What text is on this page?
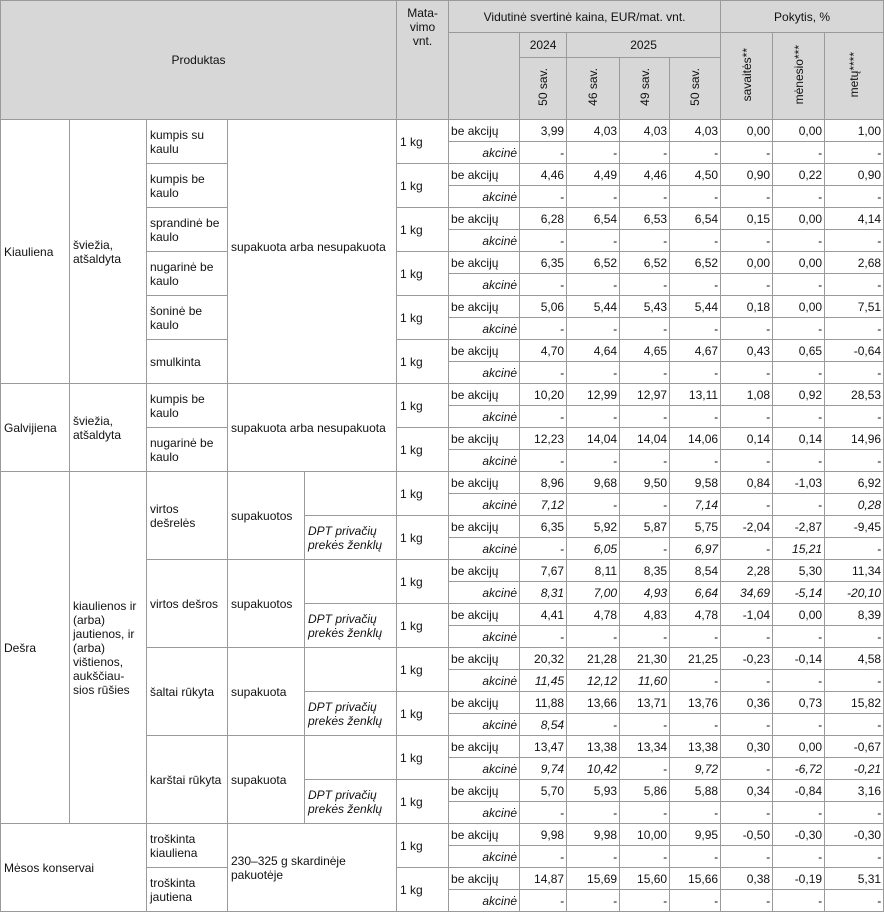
Produktas					Mata-vimo vnt.	Vidutinė svertinė kaina, EUR/mat. vnt.					Pokytis, %		
							2024	2025			savaitės**	mėnesio***	metų****
							50 sav.	46 sav.	49 sav.	50 sav.			
Kiauliena	šviežia, atšaldyta	kumpis su kaulu	supakuota arba nesupakuota		1 kg	be akcijų	3,99	4,03	4,03	4,03	0,00	0,00	1,00
						akcinė	-	-	-	-	-	-	-
		kumpis be kaulo			1 kg	be akcijų	4,46	4,49	4,46	4,50	0,90	0,22	0,90
						akcinė	-	-	-	-	-	-	-
		sprandinė be kaulo			1 kg	be akcijų	6,28	6,54	6,53	6,54	0,15	0,00	4,14
						akcinė	-	-	-	-	-	-	-
		nugarinė be kaulo			1 kg	be akcijų	6,35	6,52	6,52	6,52	0,00	0,00	2,68
						akcinė	-	-	-	-	-	-	-
		šoninė be kaulo			1 kg	be akcijų	5,06	5,44	5,43	5,44	0,18	0,00	7,51
						akcinė	-	-	-	-	-	-	-
		smulkinta			1 kg	be akcijų	4,70	4,64	4,65	4,67	0,43	0,65	-0,64
						akcinė	-	-	-	-	-	-	-
Galvijiena	šviežia, atšaldyta	kumpis be kaulo	supakuota arba nesupakuota		1 kg	be akcijų	10,20	12,99	12,97	13,11	1,08	0,92	28,53
						akcinė	-	-	-	-	-	-	-
		nugarinė be kaulo			1 kg	be akcijų	12,23	14,04	14,04	14,06	0,14	0,14	14,96
						akcinė	-	-	-	-	-	-	-
Dešra	kiaulienos ir (arba) jautienos, ir (arba) vištienos, aukščiau-sios rūšies	virtos dešrelės	supakuotos		1 kg	be akcijų	8,96	9,68	9,50	9,58	0,84	-1,03	6,92
						akcinė	7,12	-	-	7,14	-	-	0,28
				DPT privačių prekės ženklų	1 kg	be akcijų	6,35	5,92	5,87	5,75	-2,04	-2,87	-9,45
						akcinė	-	6,05	-	6,97	-	15,21	-
		virtos dešros	supakuotos		1 kg	be akcijų	7,67	8,11	8,35	8,54	2,28	5,30	11,34
						akcinė	8,31	7,00	4,93	6,64	34,69	-5,14	-20,10
				DPT privačių prekės ženklų	1 kg	be akcijų	4,41	4,78	4,83	4,78	-1,04	0,00	8,39
						akcinė	-	-	-	-	-	-	-
		šaltai rūkyta	supakuota		1 kg	be akcijų	20,32	21,28	21,30	21,25	-0,23	-0,14	4,58
						akcinė	11,45	12,12	11,60	-	-	-	-
				DPT privačių prekės ženklų	1 kg	be akcijų	11,88	13,66	13,71	13,76	0,36	0,73	15,82
						akcinė	8,54	-	-	-	-	-	-
		karštai rūkyta	supakuota		1 kg	be akcijų	13,47	13,38	13,34	13,38	0,30	0,00	-0,67
						akcinė	9,74	10,42	-	9,72	-	-6,72	-0,21
				DPT privačių prekės ženklų	1 kg	be akcijų	5,70	5,93	5,86	5,88	0,34	-0,84	3,16
						akcinė	-	-	-	-	-	-	-
Mėsos konservai		troškinta kiauliena	230–325 g skardinėje pakuotėje		1 kg	be akcijų	9,98	9,98	10,00	9,95	-0,50	-0,30	-0,30
						akcinė	-	-	-	-	-	-	-
		troškinta jautiena			1 kg	be akcijų	14,87	15,69	15,60	15,66	0,38	-0,19	5,31
						akcinė	-	-	-	-	-	-	-
